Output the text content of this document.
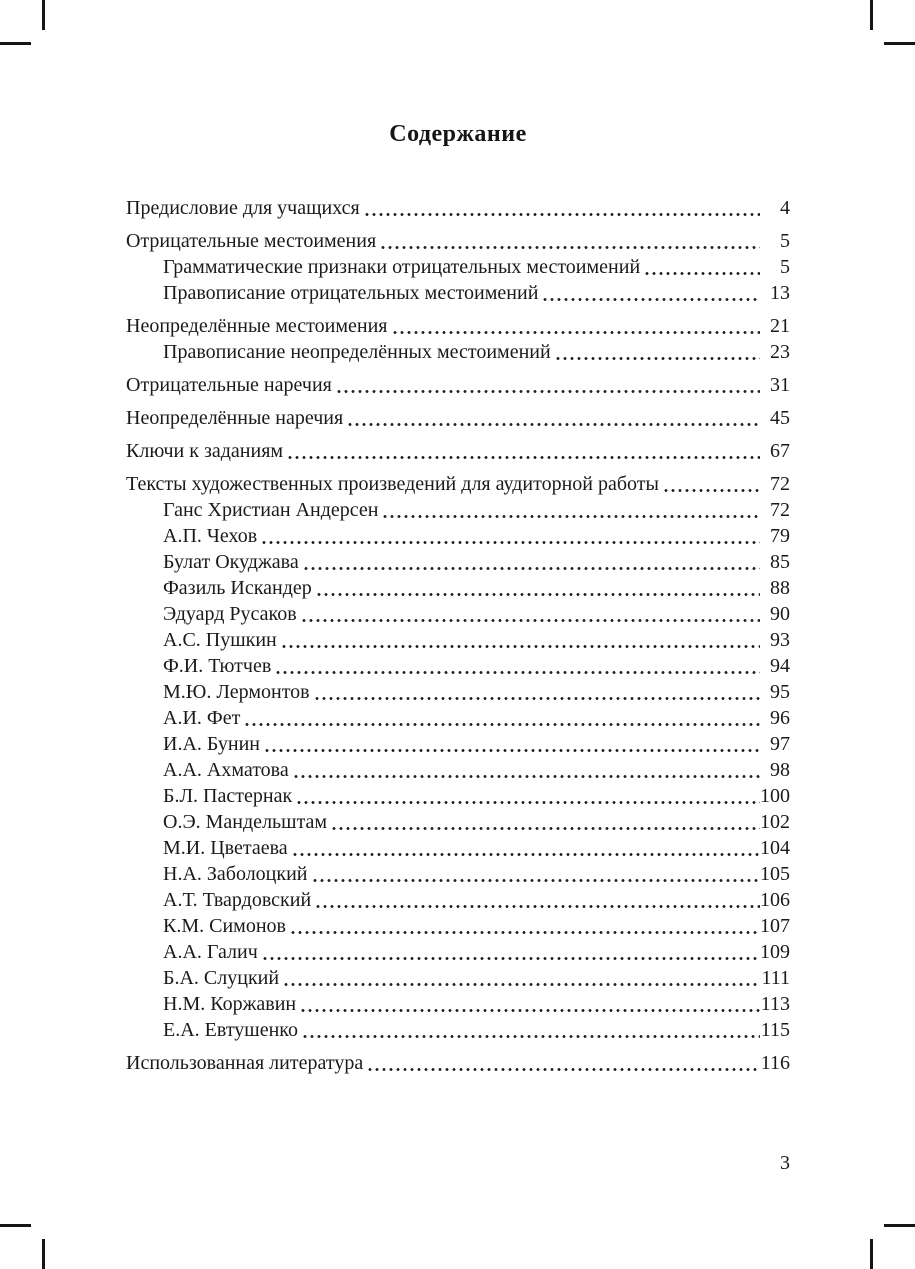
Содержание
Предисловие для учащихся	4
Отрицательные местоимения	5
Грамматические признаки отрицательных местоимений	5
Правописание отрицательных местоимений	13
Неопределённые местоимения	21
Правописание неопределённых местоимений	23
Отрицательные наречия	31
Неопределённые наречия	45
Ключи к заданиям	67
Тексты художественных произведений для аудиторной работы	72
Ганс Христиан Андерсен	72
А.П. Чехов	79
Булат Окуджава	85
Фазиль Искандер	88
Эдуард Русаков	90
А.С. Пушкин	93
Ф.И. Тютчев	94
М.Ю. Лермонтов	95
А.И. Фет	96
И.А. Бунин	97
А.А. Ахматова	98
Б.Л. Пастернак	100
О.Э. Мандельштам	102
М.И. Цветаева	104
Н.А. Заболоцкий	105
А.Т. Твардовский	106
К.М. Симонов	107
А.А. Галич	109
Б.А. Слуцкий	111
Н.М. Коржавин	113
Е.А. Евтушенко	115
Использованная литература	116
3
